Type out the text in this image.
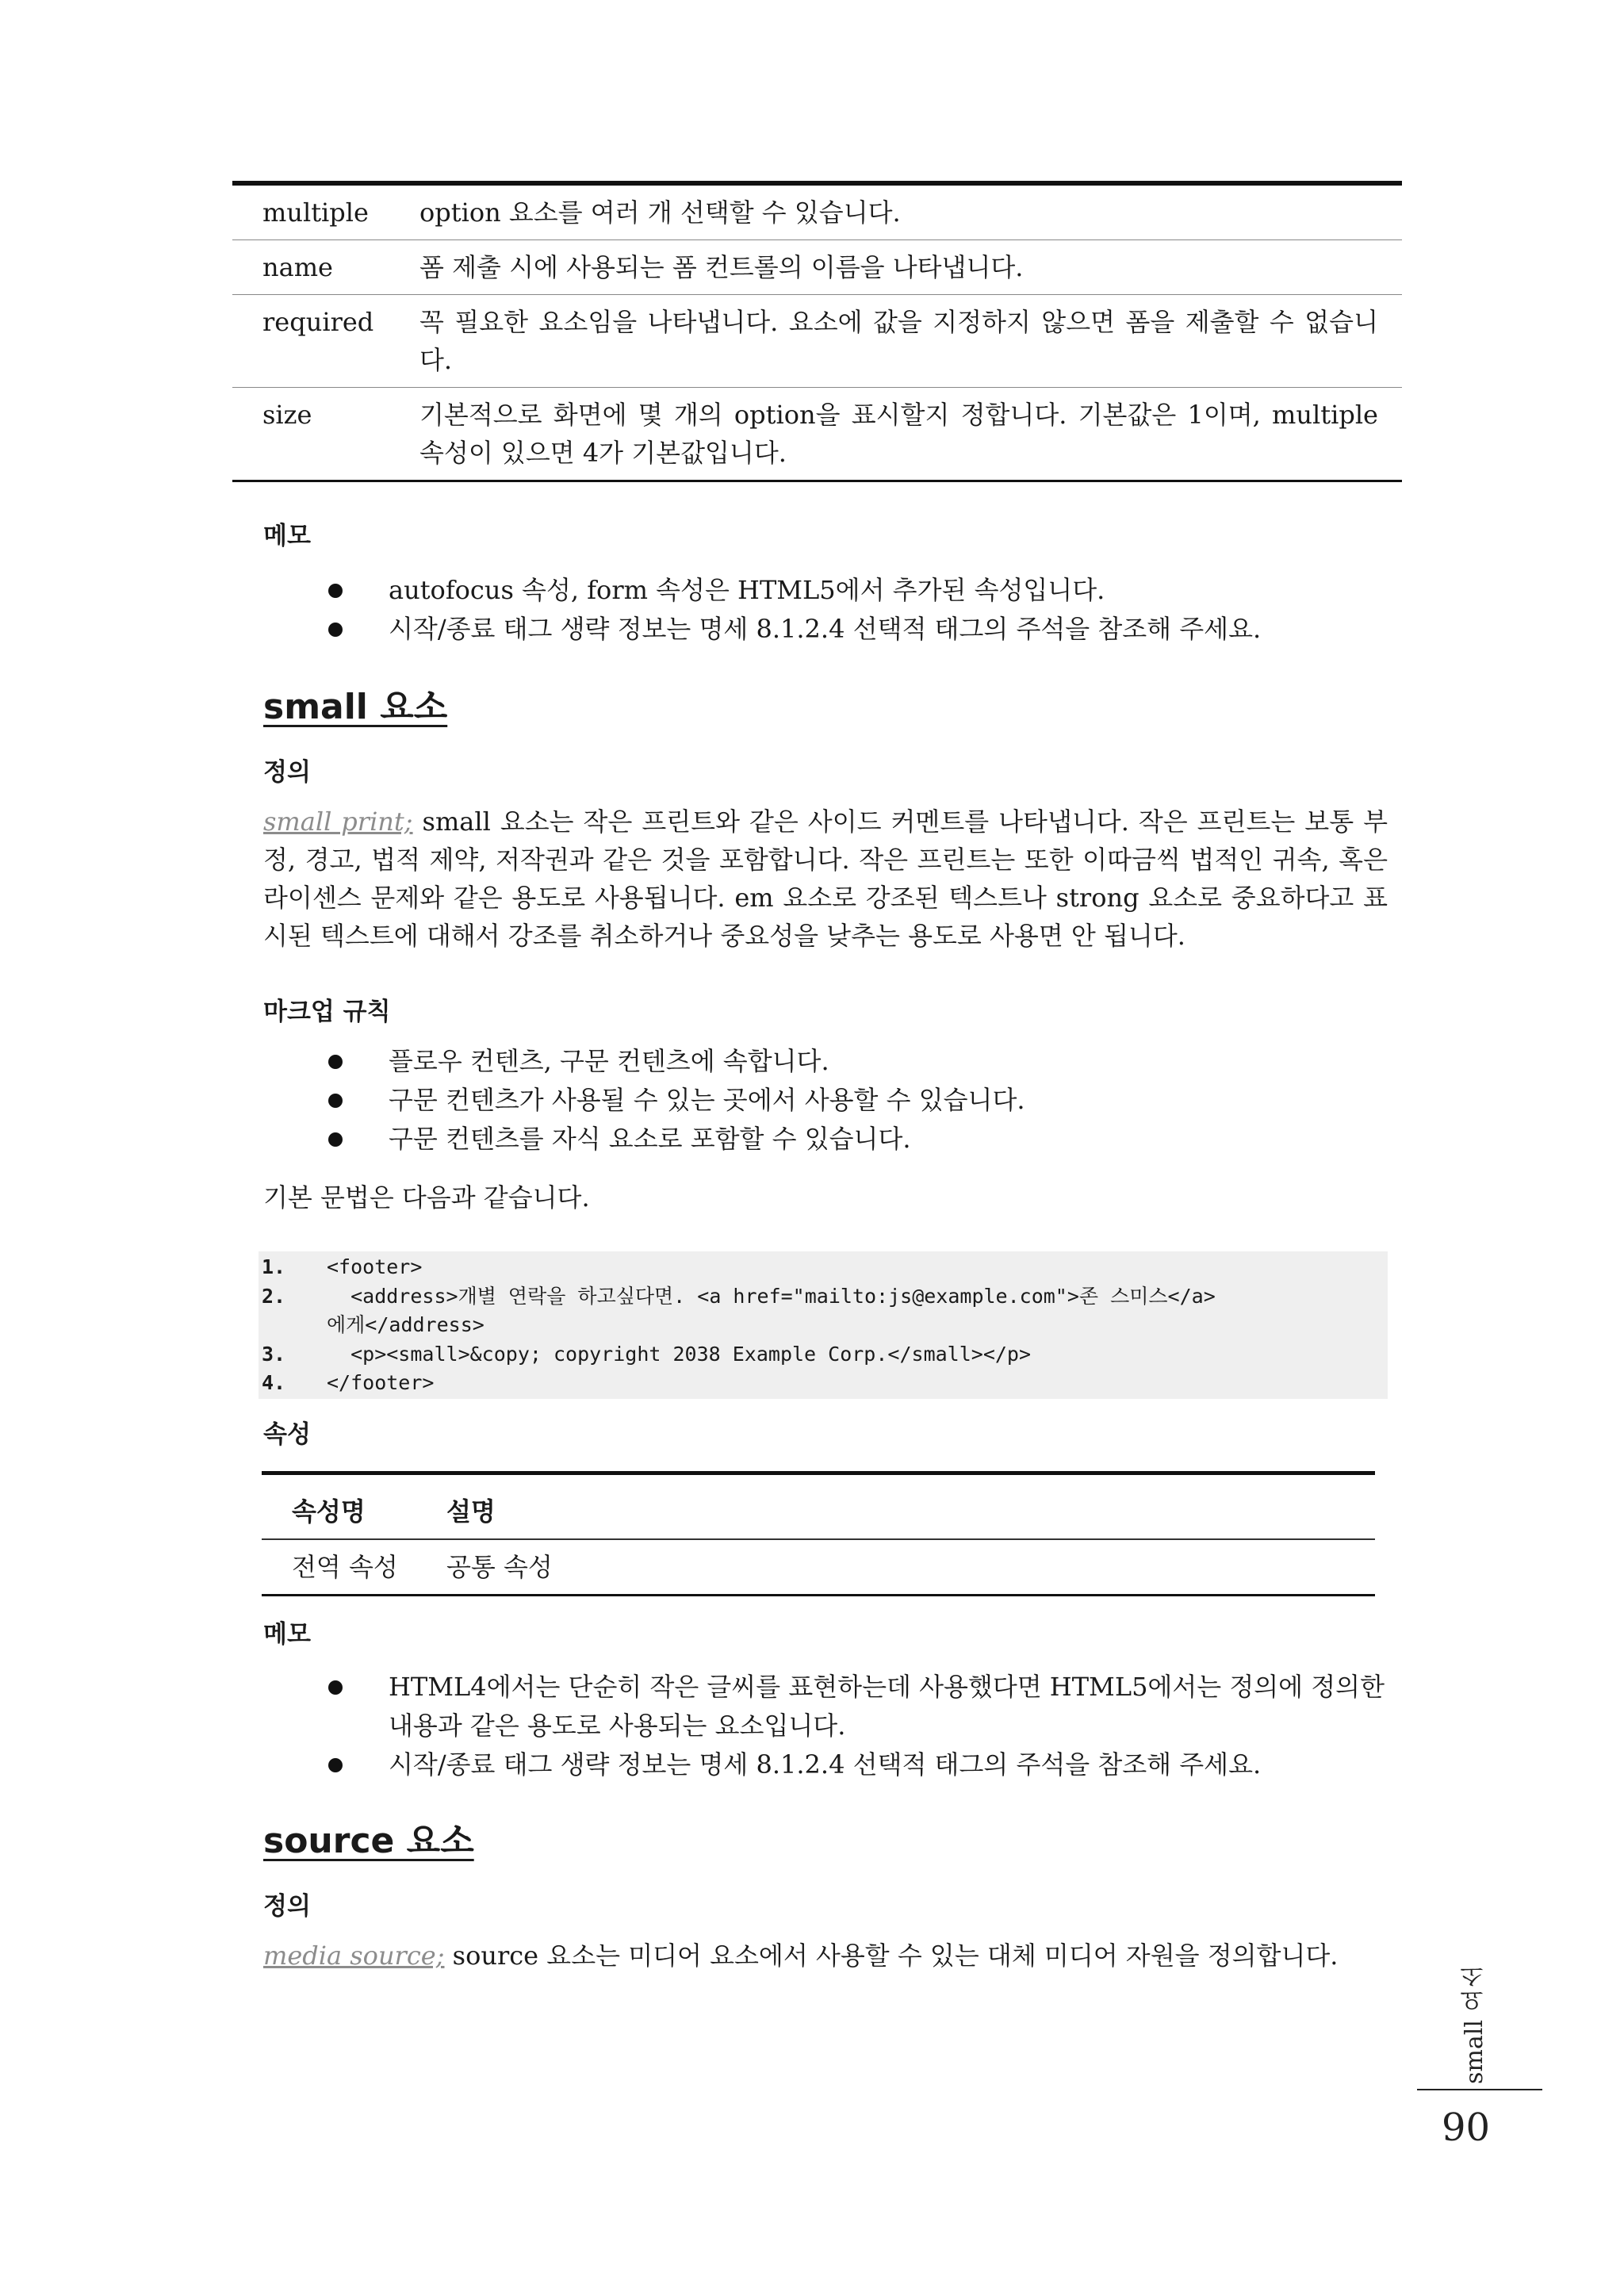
multiple	option 요소를 여러 개 선택할 수 있습니다.
name	폼 제출 시에 사용되는 폼 컨트롤의 이름을 나타냅니다.
required	꼭 필요한 요소임을 나타냅니다. 요소에 값을 지정하지 않으면 폼을 제출할 수 없습니다.
size	기본적으로 화면에 몇 개의 option을 표시할지 정합니다. 기본값은 1이며, multiple 속성이 있으면 4가 기본값입니다.
메모
autofocus 속성, form 속성은 HTML5에서 추가된 속성입니다.
시작/종료 태그 생략 정보는 명세 8.1.2.4 선택적 태그의 주석을 참조해 주세요.
small 요소
정의

small print; small 요소는 작은 프린트와 같은 사이드 커멘트를 나타냅니다. 작은 프린트는 보통 부정, 경고, 법적 제약, 저작권과 같은 것을 포함합니다. 작은 프린트는 또한 이따금씩 법적인 귀속, 혹은 라이센스 문제와 같은 용도로 사용됩니다. em 요소로 강조된 텍스트나 strong 요소로 중요하다고 표시된 텍스트에 대해서 강조를 취소하거나 중요성을 낮추는 용도로 사용면 안 됩니다.

마크업 규칙
플로우 컨텐츠, 구문 컨텐츠에 속합니다.
구문 컨텐츠가 사용될 수 있는 곳에서 사용할 수 있습니다.
구문 컨텐츠를 자식 요소로 포함할 수 있습니다.

기본 문법은 다음과 같습니다.

1.	<footer>
2.	<address>개별 연락을 하고싶다면. <a href="mailto:js@example.com">존 스미스</a>
에게</address>
3.	<p><small>&copy; copyright 2038 Example Corp.</small></p>
4.	</footer>
속성
속성명	설명
전역 속성	공통 속성
메모
HTML4에서는 단순히 작은 글씨를 표현하는데 사용했다면 HTML5에서는 정의에 정의한 내용과 같은 용도로 사용되는 요소입니다.
시작/종료 태그 생략 정보는 명세 8.1.2.4 선택적 태그의 주석을 참조해 주세요.
source 요소
정의

media source; source 요소는 미디어 요소에서 사용할 수 있는 대체 미디어 자원을 정의합니다.

small 요소
90
